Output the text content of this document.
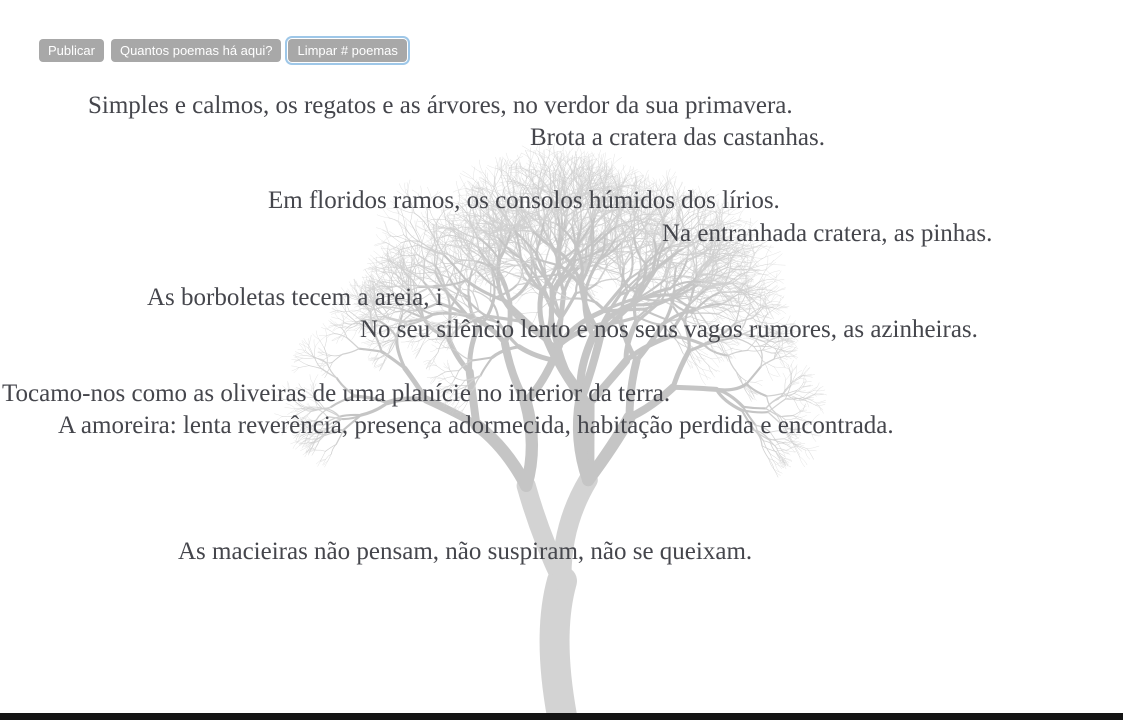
Publicar	Quantos poemas há aqui?	Limpar # poemas
Simples e calmos, os regatos e as árvores, no verdor da sua primavera.
Brota a cratera das castanhas.
Em floridos ramos, os consolos húmidos dos lírios.
Na entranhada cratera, as pinhas.
As borboletas tecem a areia, i
No seu silêncio lento e nos seus vagos rumores, as azinheiras.
Tocamo-nos como as oliveiras de uma planície no interior da terra.
A amoreira: lenta reverência, presença adormecida, habitação perdida e encontrada.
As macieiras não pensam, não suspiram, não se queixam.
